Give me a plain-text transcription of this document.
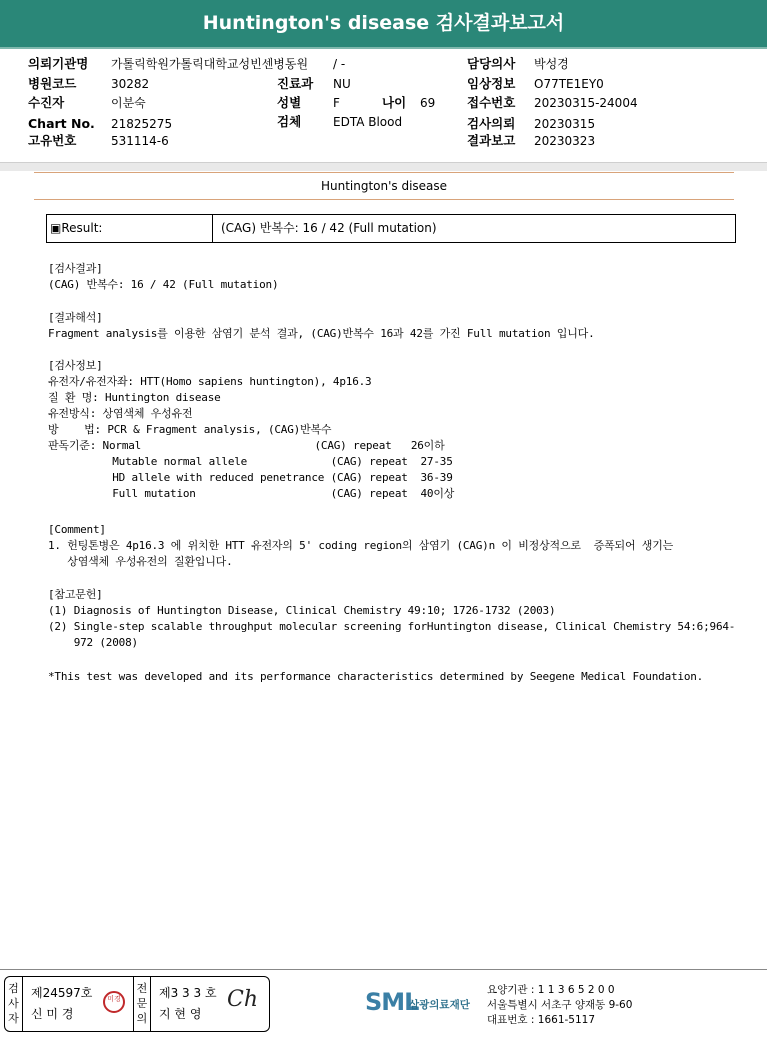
Huntington's disease 검사결과보고서
의뢰기관명 가톨릭학원가톨릭대학교성빈센병동원 / -	담당의사 박성경
병원코드	30282	진료과 NU	임상정보 O77TE1EY0
수진자	이분숙	성별	F	나이 69	접수번호 20230315-24004
Chart No. 21825275	검체	EDTA Blood	검사의뢰 20230315
고유번호	531114-6	결과보고 20230323
Huntington's disease
▣Result:	(CAG) 반복수: 16 / 42 (Full mutation)
[검사결과]
(CAG) 반복수: 16 / 42 (Full mutation)
[결과해석]
Fragment analysis를 이용한 삼염기 분석 결과, (CAG)반복수 16과 42를 가진 Full mutation 입니다.
[검사정보]
유전자/유전자좌: HTT(Homo sapiens huntington), 4p16.3
질 환 명: Huntington disease
유전방식: 상염색체 우성유전
방    법: PCR & Fragment analysis, (CAG)반복수
판독기준: Normal                           (CAG) repeat   26이하
Mutable normal allele             (CAG) repeat  27-35
HD allele with reduced penetrance (CAG) repeat  36-39
Full mutation                     (CAG) repeat  40이상
[Comment]
1. 헌팅톤병은 4p16.3 에 위치한 HTT 유전자의 5' coding region의 삼염기 (CAG)n 이 비정상적으로  증폭되어 생기는
상염색체 우성유전의 질환입니다.
[참고문헌]
(1) Diagnosis of Huntington Disease, Clinical Chemistry 49:10; 1726-1732 (2003)
(2) Single-step scalable throughput molecular screening forHuntington disease, Clinical Chemistry 54:6;964-
972 (2008)
*This test was developed and its performance characteristics determined by Seegene Medical Foundation.
검사자
제24597호
신 미 경
미경
전문의
제3 3 3 호
지 현 영
Ch	SML
삼광의료재단
요양기관 : 1 1 3 6 5 2 0 0
서울특별시 서초구 양재동 9-60
대표번호 : 1661-5117
